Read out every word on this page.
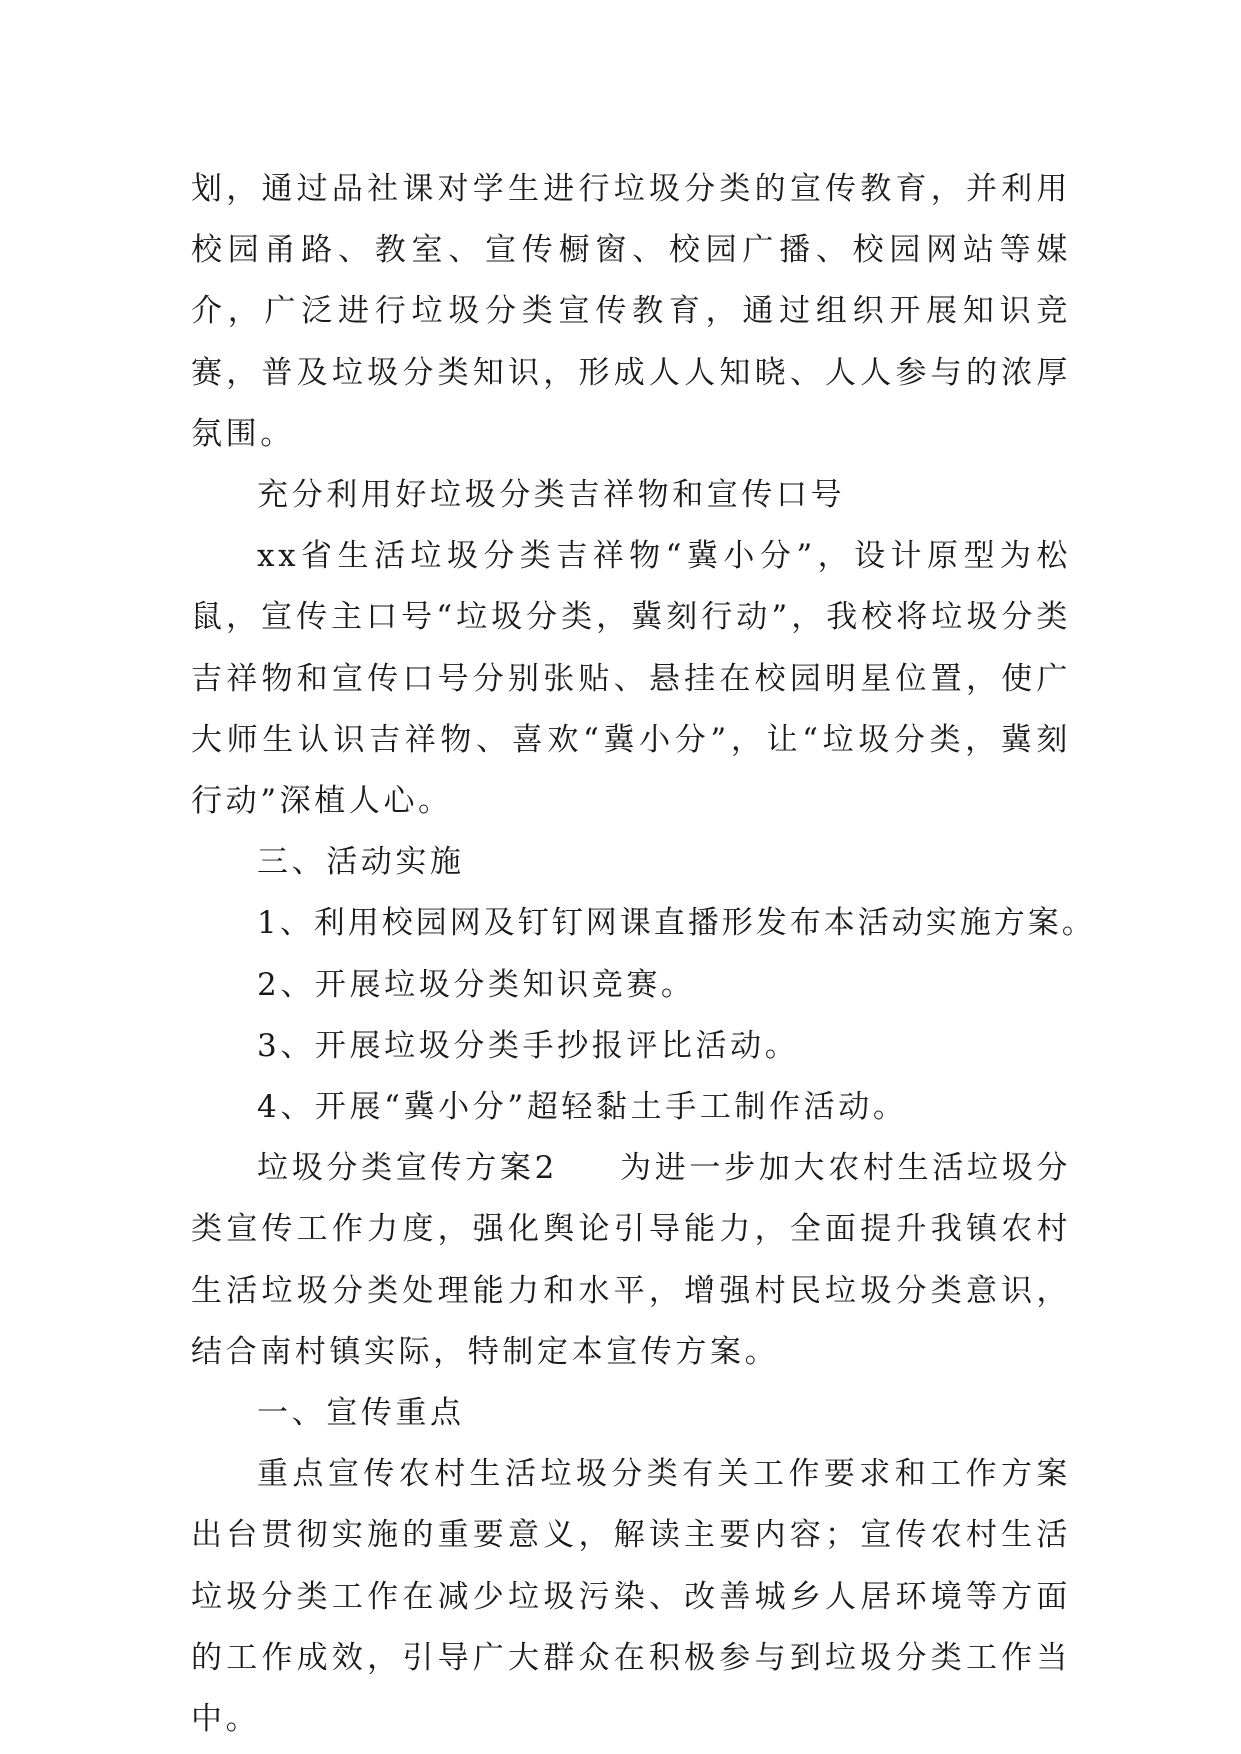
划，通过品社课对学生进行垃圾分类的宣传教育，并利用校园甬路、教室、宣传橱窗、校园广播、校园网站等媒介，广泛进行垃圾分类宣传教育，通过组织开展知识竞赛，普及垃圾分类知识，形成人人知晓、人人参与的浓厚氛围。

充分利用好垃圾分类吉祥物和宣传口号

xx省生活垃圾分类吉祥物“冀小分”，设计原型为松鼠，宣传主口号“垃圾分类，冀刻行动”，我校将垃圾分类吉祥物和宣传口号分别张贴、悬挂在校园明星位置，使广大师生认识吉祥物、喜欢“冀小分”，让“垃圾分类，冀刻行动”深植人心。

三、活动实施

1、利用校园网及钉钉网课直播形发布本活动实施方案。

2、开展垃圾分类知识竞赛。

3、开展垃圾分类手抄报评比活动。

4、开展“冀小分”超轻黏土手工制作活动。

垃圾分类宣传方案2 为进一步加大农村生活垃圾分类宣传工作力度，强化舆论引导能力，全面提升我镇农村生活垃圾分类处理能力和水平，增强村民垃圾分类意识，结合南村镇实际，特制定本宣传方案。

一、宣传重点

重点宣传农村生活垃圾分类有关工作要求和工作方案出台贯彻实施的重要意义，解读主要内容；宣传农村生活垃圾分类工作在减少垃圾污染、改善城乡人居环境等方面的工作成效，引导广大群众在积极参与到垃圾分类工作当中。
